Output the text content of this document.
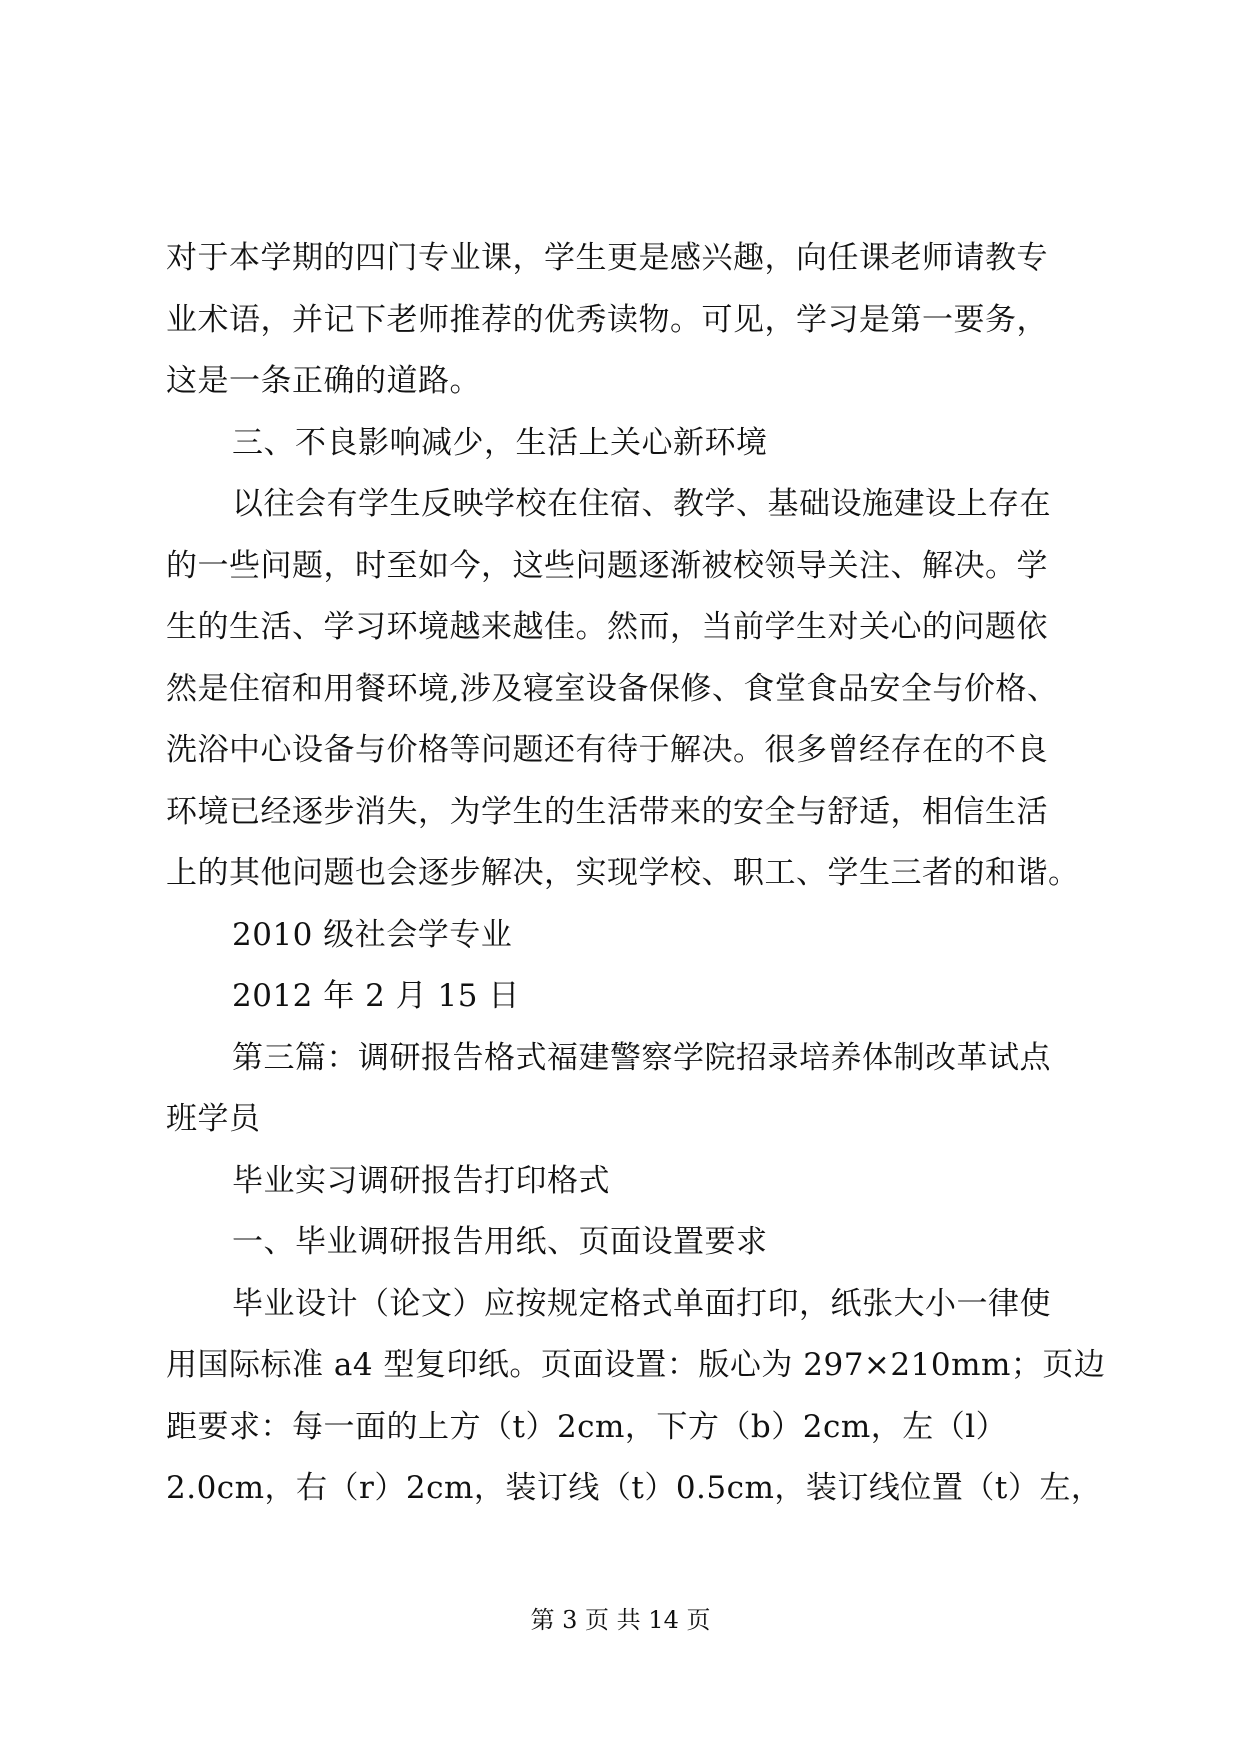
对于本学期的四门专业课，学生更是感兴趣，向任课老师请教专
业术语，并记下老师推荐的优秀读物。可见，学习是第一要务，
这是一条正确的道路。
三、不良影响减少，生活上关心新环境
以往会有学生反映学校在住宿、教学、基础设施建设上存在
的一些问题，时至如今，这些问题逐渐被校领导关注、解决。学
生的生活、学习环境越来越佳。然而，当前学生对关心的问题依
然是住宿和用餐环境,涉及寝室设备保修、食堂食品安全与价格、
洗浴中心设备与价格等问题还有待于解决。很多曾经存在的不良
环境已经逐步消失，为学生的生活带来的安全与舒适，相信生活
上的其他问题也会逐步解决，实现学校、职工、学生三者的和谐。
2010 级社会学专业
2012 年 2 月 15 日
第三篇：调研报告格式福建警察学院招录培养体制改革试点
班学员
毕业实习调研报告打印格式
一、毕业调研报告用纸、页面设置要求
毕业设计（论文）应按规定格式单面打印，纸张大小一律使
用国际标准 a4 型复印纸。页面设置：版心为 297×210mm；页边
距要求：每一面的上方（t）2cm，下方（b）2cm，左（l）
2.0cm，右（r）2cm，装订线（t）0.5cm，装订线位置（t）左，
第 3 页 共 14 页
